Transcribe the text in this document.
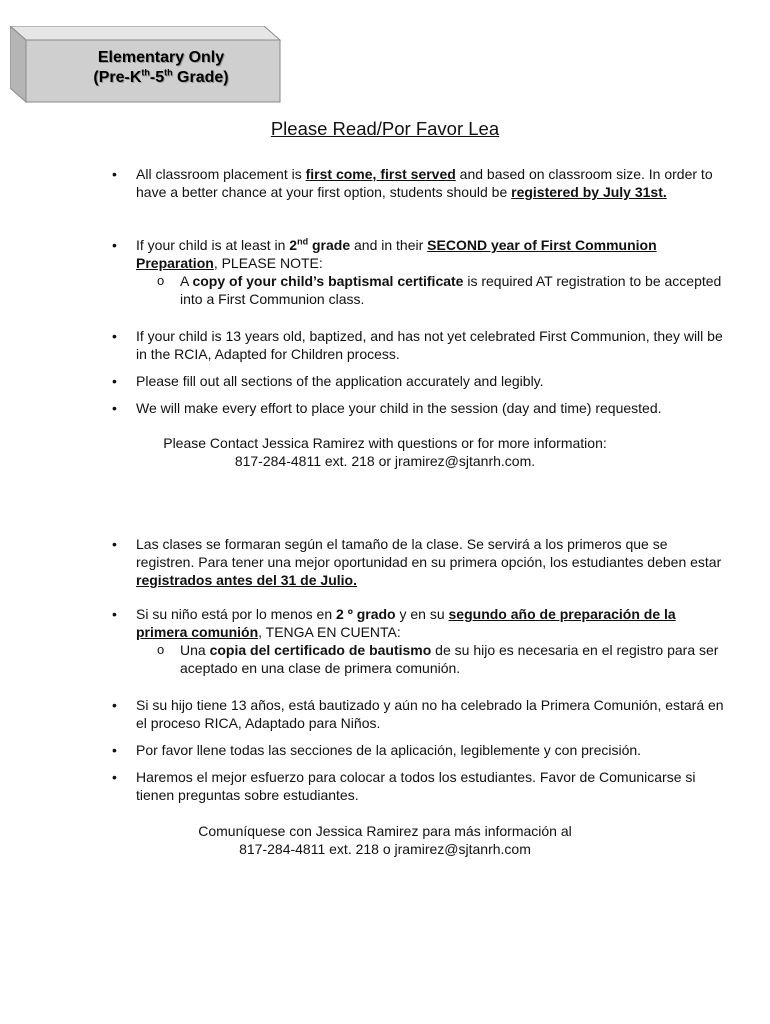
Elementary Only
($Pre-K^{th}-5th$ Grade)
Please Read/Por Favor Lea
• All classroom placement is first come, first served and based on classroom size. In order to have a better chance at your first option, students should be registered by July 31st.
• If your child is at least in 2nd grade and in their SECOND year of First Communion Preparation, PLEASE NOTE:
o A copy of your child’s baptismal certificate is required AT registration to be accepted into a First Communion class.
• If your child is 13 years old, baptized, and has not yet celebrated First Communion, they will be in the RCIA, Adapted for Children process.
• Please fill out all sections of the application accurately and legibly.
• We will make every effort to place your child in the session (day and time) requested.
Please Contact Jessica Ramirez with questions or for more information:
817-284-4811 ext. 218 or jramirez@sjtanrh.com.
• Las clases se formaran según el tamaño de la clase. Se servirá a los primeros que se registren. Para tener una mejor oportunidad en su primera opción, los estudiantes deben estar registrados antes del 31 de Julio.
• Si su niño está por lo menos en 2 º grado y en su segundo año de preparación de la primera comunión, TENGA EN CUENTA:
o Una copia del certificado de bautismo de su hijo es necesaria en el registro para ser aceptado en una clase de primera comunión.
• Si su hijo tiene 13 años, está bautizado y aún no ha celebrado la Primera Comunión, estará en el proceso RICA, Adaptado para Niños.
• Por favor llene todas las secciones de la aplicación, legiblemente y con precisión.
• Haremos el mejor esfuerzo para colocar a todos los estudiantes. Favor de Comunicarse si tienen preguntas sobre estudiantes.
Comuníquese con Jessica Ramirez para más información al
817-284-4811 ext. 218 o jramirez@sjtanrh.com
